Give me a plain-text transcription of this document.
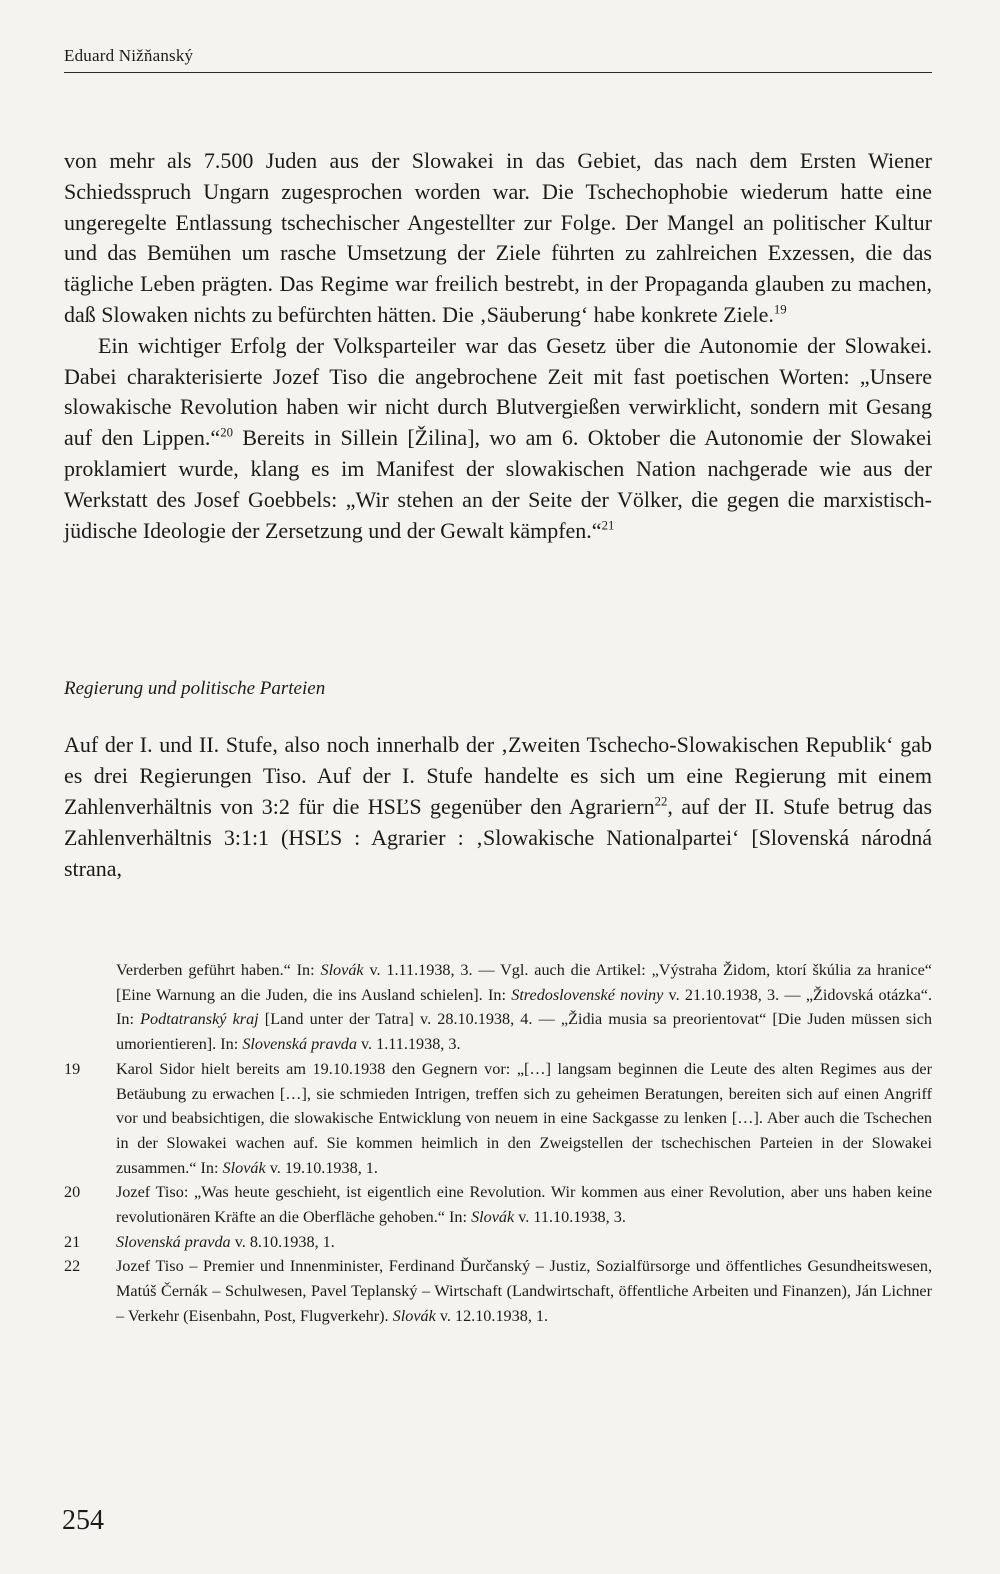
Eduard Nižňanský

von mehr als 7.500 Juden aus der Slowakei in das Gebiet, das nach dem Ersten Wiener Schiedsspruch Ungarn zugesprochen worden war. Die Tschechophobie wiederum hatte eine ungeregelte Entlassung tschechischer Angestellter zur Folge. Der Mangel an politischer Kultur und das Bemühen um rasche Umsetzung der Ziele führten zu zahlreichen Exzessen, die das tägliche Leben prägten. Das Regime war freilich bestrebt, in der Propaganda glauben zu machen, daß Slowaken nichts zu befürchten hätten. Die ‚Säuberung‘ habe konkrete Ziele.$^{19}$

Ein wichtiger Erfolg der Volksparteiler war das Gesetz über die Autonomie der Slowakei. Dabei charakterisierte Jozef Tiso die angebrochene Zeit mit fast poetischen Worten: „Unsere slowakische Revolution haben wir nicht durch Blutvergießen verwirklicht, sondern mit Gesang auf den Lippen.“$^{20}$ Bereits in Sillein [Žilina], wo am 6. Oktober die Autonomie der Slowakei proklamiert wurde, klang es im Manifest der slowakischen Nation nachgerade wie aus der Werkstatt des Josef Goebbels: „Wir stehen an der Seite der Völker, die gegen die marxistisch-jüdische Ideologie der Zersetzung und der Gewalt kämpfen.“$^{21}$

Regierung und politische Parteien

Auf der I. und II. Stufe, also noch innerhalb der ‚Zweiten Tschecho-Slowakischen Republik‘ gab es drei Regierungen Tiso. Auf der I. Stufe handelte es sich um eine Regierung mit einem Zahlenverhältnis von 3:2 für die HSĽS gegenüber den Agrariern$^{22}$, auf der II. Stufe betrug das Zahlenverhältnis 3:1:1 (HSĽS : Agrarier : ‚Slowakische Nationalpartei‘ [Slovenská národná strana,

Verderben geführt haben.“ In: Slovák v. 1.11.1938, 3. — Vgl. auch die Artikel: „Výstraha Židom, ktorí škúlia za hranice“ [Eine Warnung an die Juden, die ins Ausland schielen]. In: Stredoslovenské noviny v. 21.10.1938, 3. — „Židovská otázka“. In: Podtatranský kraj [Land unter der Tatra] v. 28.10.1938, 4. — „Židia musia sa preorientovat“ [Die Juden müssen sich umorientieren]. In: Slovenská pravda v. 1.11.1938, 3.

19 Karol Sidor hielt bereits am 19.10.1938 den Gegnern vor: „[…] langsam beginnen die Leute des alten Regimes aus der Betäubung zu erwachen […], sie schmieden Intrigen, treffen sich zu geheimen Beratungen, bereiten sich auf einen Angriff vor und beabsichtigen, die slowakische Entwicklung von neuem in eine Sackgasse zu lenken […]. Aber auch die Tschechen in der Slowakei wachen auf. Sie kommen heimlich in den Zweigstellen der tschechischen Parteien in der Slowakei zusammen.“ In: Slovák v. 19.10.1938, 1.

20 Jozef Tiso: „Was heute geschieht, ist eigentlich eine Revolution. Wir kommen aus einer Revolution, aber uns haben keine revolutionären Kräfte an die Oberfläche gehoben.“ In: Slovák v. 11.10.1938, 3.

21 Slovenská pravda v. 8.10.1938, 1.

22 Jozef Tiso – Premier und Innenminister, Ferdinand Ďurčanský – Justiz, Sozialfürsorge und öffentliches Gesundheitswesen, Matúš Černák – Schulwesen, Pavel Teplanský – Wirtschaft (Landwirtschaft, öffentliche Arbeiten und Finanzen), Ján Lichner – Verkehr (Eisenbahn, Post, Flugverkehr). Slovák v. 12.10.1938, 1.

254
